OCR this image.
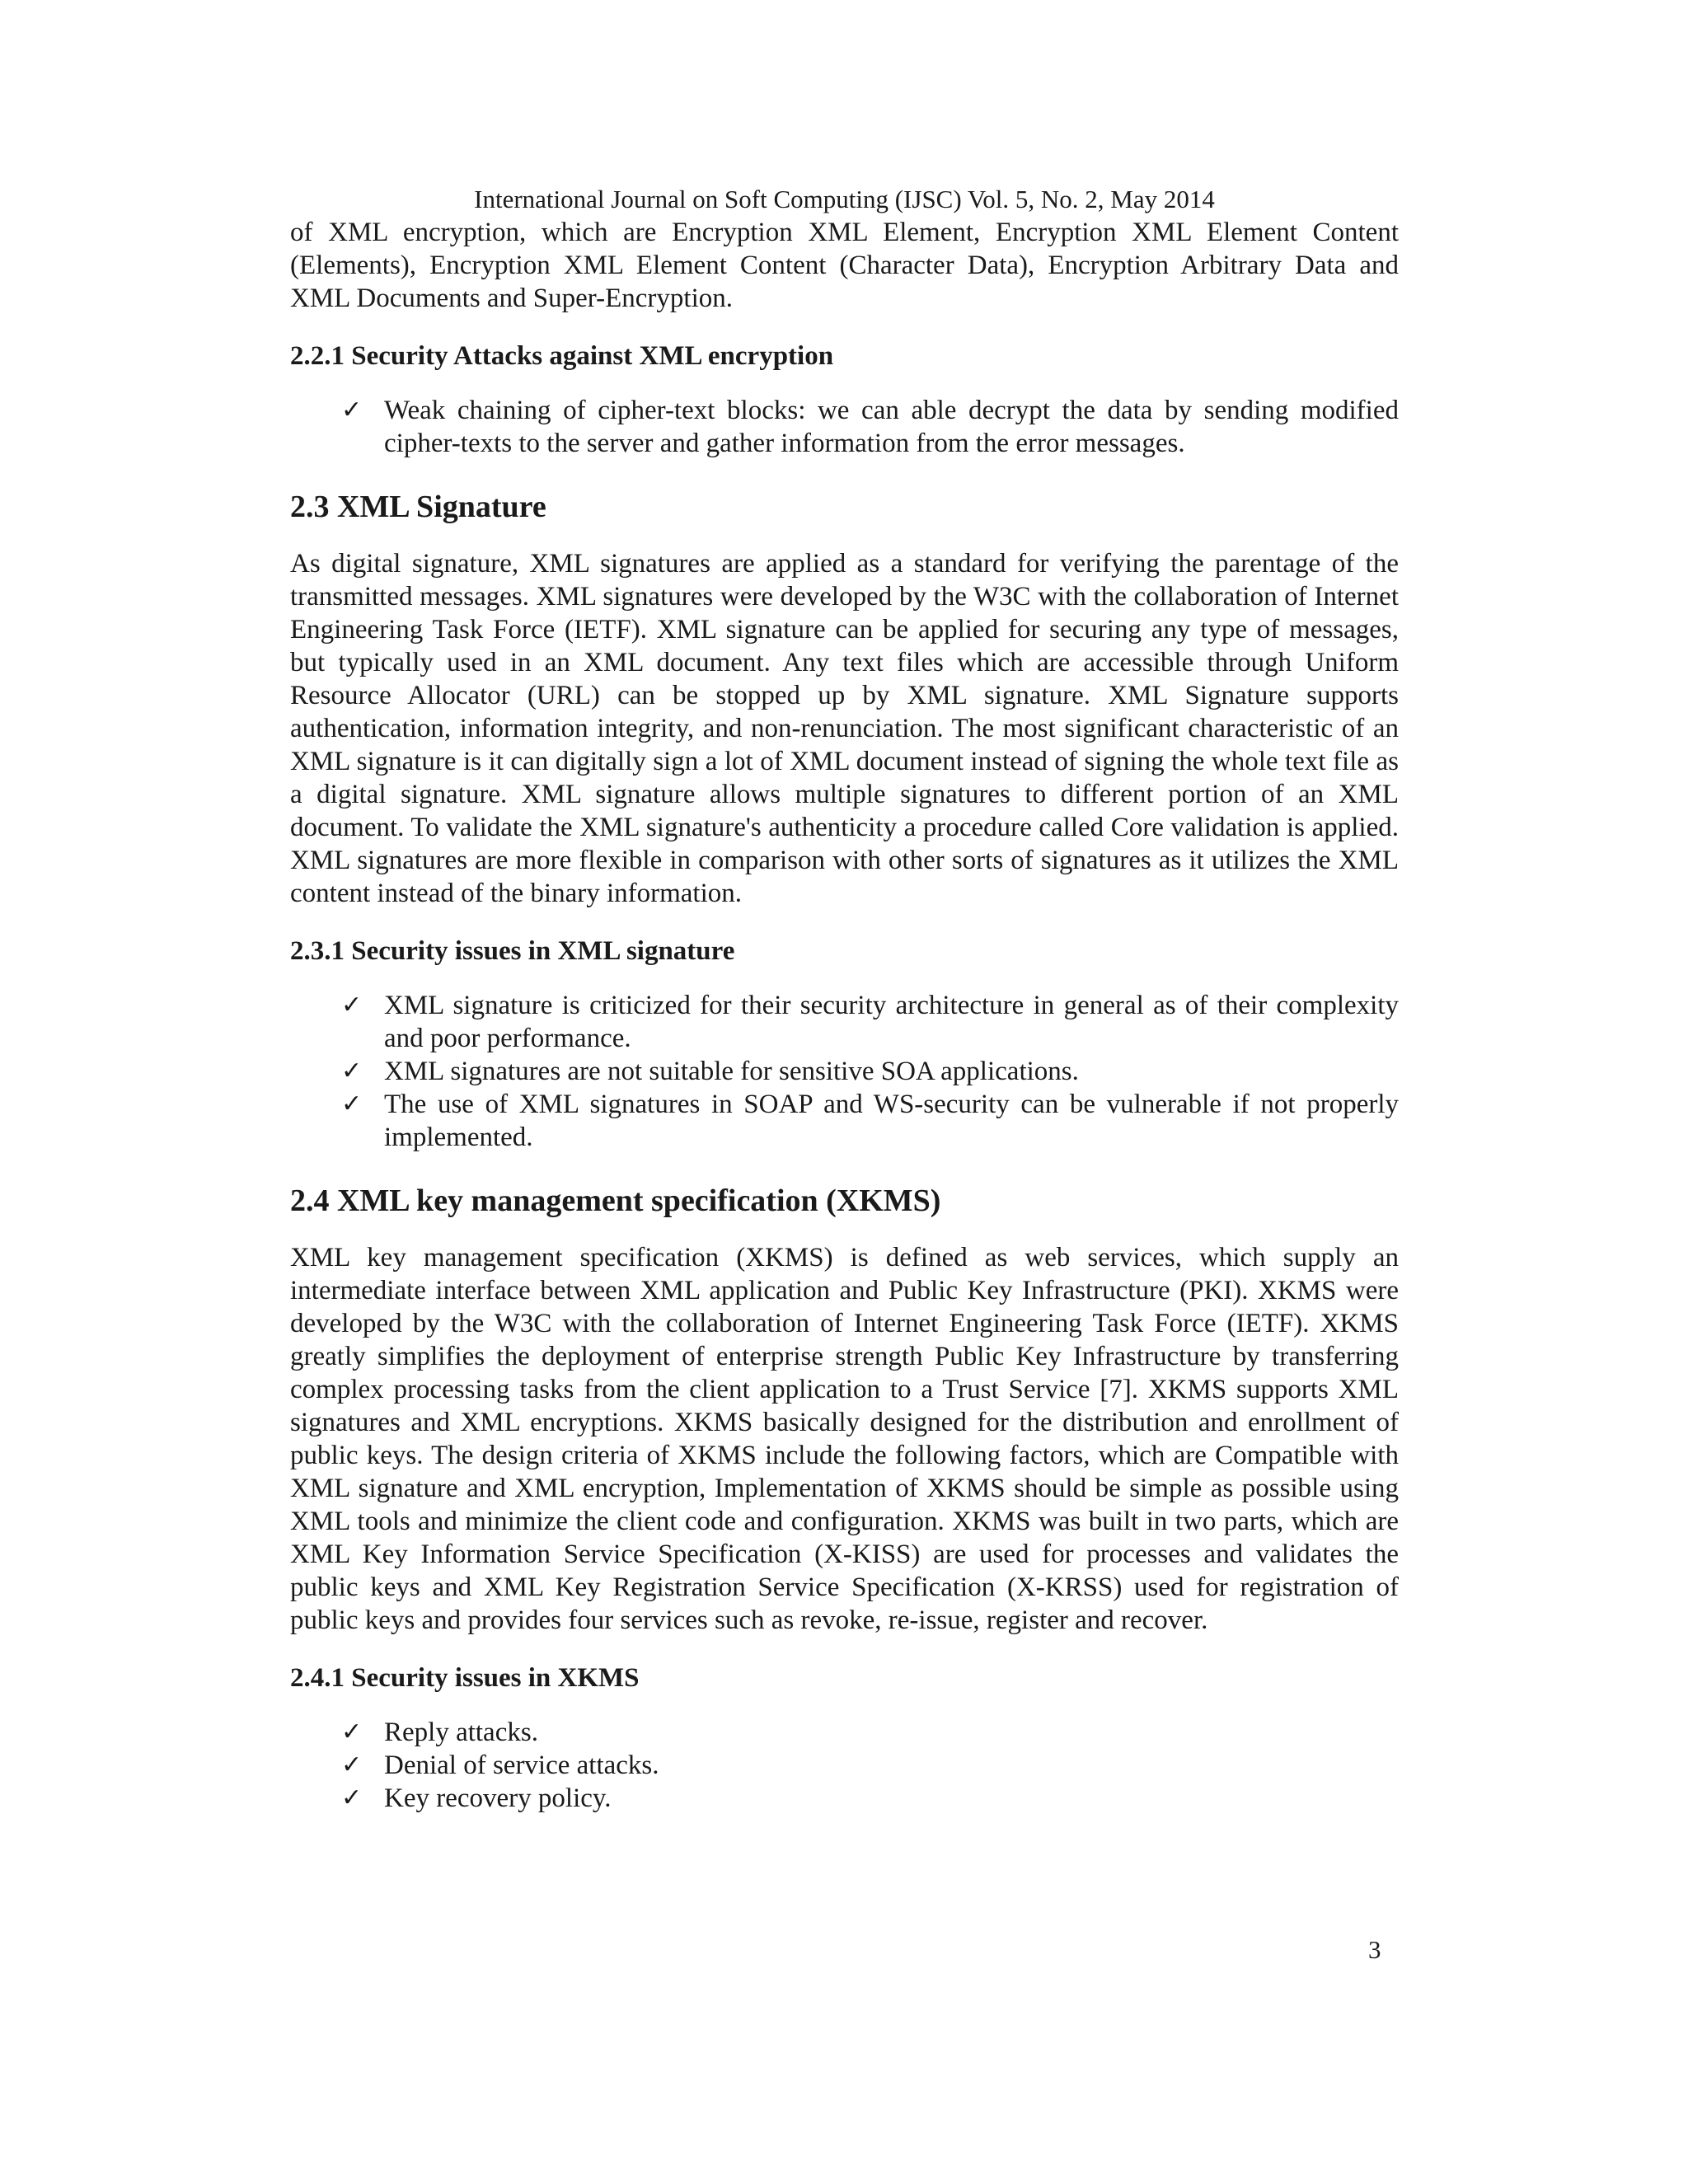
International Journal on Soft Computing (IJSC) Vol. 5, No. 2, May 2014

of XML encryption, which are Encryption XML Element, Encryption XML Element Content (Elements), Encryption XML Element Content (Character Data), Encryption Arbitrary Data and XML Documents and Super-Encryption.

2.2.1 Security Attacks against XML encryption
✓ Weak chaining of cipher-text blocks: we can able decrypt the data by sending modified cipher-texts to the server and gather information from the error messages.
2.3 XML Signature

As digital signature, XML signatures are applied as a standard for verifying the parentage of the transmitted messages. XML signatures were developed by the W3C with the collaboration of Internet Engineering Task Force (IETF). XML signature can be applied for securing any type of messages, but typically used in an XML document. Any text files which are accessible through Uniform Resource Allocator (URL) can be stopped up by XML signature. XML Signature supports authentication, information integrity, and non-renunciation. The most significant characteristic of an XML signature is it can digitally sign a lot of XML document instead of signing the whole text file as a digital signature. XML signature allows multiple signatures to different portion of an XML document. To validate the XML signature's authenticity a procedure called Core validation is applied. XML signatures are more flexible in comparison with other sorts of signatures as it utilizes the XML content instead of the binary information.

2.3.1 Security issues in XML signature
✓ XML signature is criticized for their security architecture in general as of their complexity and poor performance.
✓ XML signatures are not suitable for sensitive SOA applications.
✓ The use of XML signatures in SOAP and WS-security can be vulnerable if not properly implemented.
2.4 XML key management specification (XKMS)

XML key management specification (XKMS) is defined as web services, which supply an intermediate interface between XML application and Public Key Infrastructure (PKI). XKMS were developed by the W3C with the collaboration of Internet Engineering Task Force (IETF). XKMS greatly simplifies the deployment of enterprise strength Public Key Infrastructure by transferring complex processing tasks from the client application to a Trust Service [7]. XKMS supports XML signatures and XML encryptions. XKMS basically designed for the distribution and enrollment of public keys. The design criteria of XKMS include the following factors, which are Compatible with XML signature and XML encryption, Implementation of XKMS should be simple as possible using XML tools and minimize the client code and configuration. XKMS was built in two parts, which are XML Key Information Service Specification (X-KISS) are used for processes and validates the public keys and XML Key Registration Service Specification (X-KRSS) used for registration of public keys and provides four services such as revoke, re-issue, register and recover.

2.4.1 Security issues in XKMS
✓ Reply attacks.
✓ Denial of service attacks.
✓ Key recovery policy.
3
